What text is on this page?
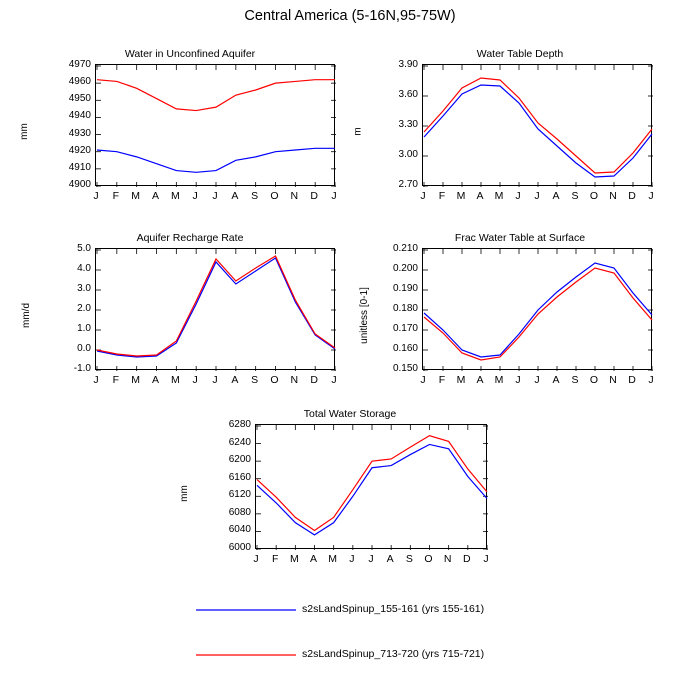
Central America (5-16N,95-75W)
Water in Unconfined Aquifer
mm
4900
4910
4920
4930
4940
4950
4960
4970
J	F	M	A	M	J	J	A	S	O	N	D	J
Water Table Depth
m
2.70
3.00
3.30
3.60
3.90
J	F	M	A	M	J	J	A	S	O	N	D	J
Aquifer Recharge Rate
mm/d
-1.0
0.0
1.0
2.0
3.0
4.0
5.0
J	F	M	A	M	J	J	A	S	O	N	D	J
Frac Water Table at Surface
unitless [0-1]
0.150
0.160
0.170
0.180
0.190
0.200
0.210
J	F	M	A	M	J	J	A	S	O	N	D	J
Total Water Storage
mm
6000
6040
6080
6120
6160
6200
6240
6280
J	F	M	A	M	J	J	A	S	O	N	D	J
s2sLandSpinup_155-161 (yrs 155-161)
s2sLandSpinup_713-720 (yrs 715-721)
